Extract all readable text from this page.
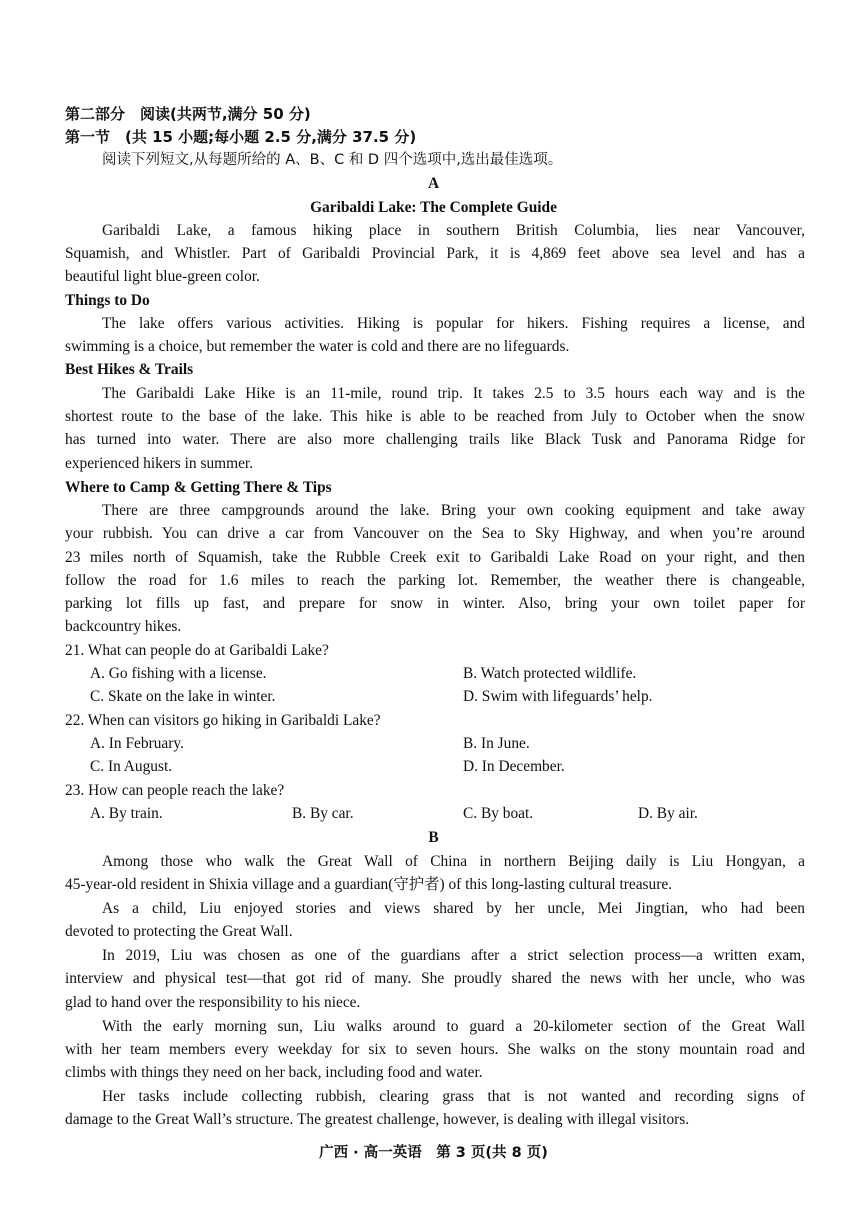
第二部分　阅读(共两节,满分 50 分)
第一节　(共 15 小题;每小题 2.5 分,满分 37.5 分)
阅读下列短文,从每题所给的 A、B、C 和 D 四个选项中,选出最佳选项。
A
Garibaldi Lake: The Complete Guide
Garibaldi Lake, a famous hiking place in southern British Columbia, lies near Vancouver,
Squamish, and Whistler. Part of Garibaldi Provincial Park, it is 4,869 feet above sea level and has a
beautiful light blue-green color.
Things to Do
The lake offers various activities. Hiking is popular for hikers. Fishing requires a license, and
swimming is a choice, but remember the water is cold and there are no lifeguards.
Best Hikes & Trails
The Garibaldi Lake Hike is an 11-mile, round trip. It takes 2.5 to 3.5 hours each way and is the
shortest route to the base of the lake. This hike is able to be reached from July to October when the snow
has turned into water. There are also more challenging trails like Black Tusk and Panorama Ridge for
experienced hikers in summer.
Where to Camp & Getting There & Tips
There are three campgrounds around the lake. Bring your own cooking equipment and take away
your rubbish. You can drive a car from Vancouver on the Sea to Sky Highway, and when you’re around
23 miles north of Squamish, take the Rubble Creek exit to Garibaldi Lake Road on your right, and then
follow the road for 1.6 miles to reach the parking lot. Remember, the weather there is changeable,
parking lot fills up fast, and prepare for snow in winter. Also, bring your own toilet paper for
backcountry hikes.
21. What can people do at Garibaldi Lake?
A. Go fishing with a license.	B. Watch protected wildlife.
C. Skate on the lake in winter.	D. Swim with lifeguards’ help.
22. When can visitors go hiking in Garibaldi Lake?
A. In February.	B. In June.
C. In August.	D. In December.
23. How can people reach the lake?
A. By train.	B. By car.	C. By boat.	D. By air.
B
Among those who walk the Great Wall of China in northern Beijing daily is Liu Hongyan, a
45-year-old resident in Shixia village and a guardian(守护者) of this long-lasting cultural treasure.
As a child, Liu enjoyed stories and views shared by her uncle, Mei Jingtian, who had been
devoted to protecting the Great Wall.
In 2019, Liu was chosen as one of the guardians after a strict selection process—a written exam,
interview and physical test—that got rid of many. She proudly shared the news with her uncle, who was
glad to hand over the responsibility to his niece.
With the early morning sun, Liu walks around to guard a 20-kilometer section of the Great Wall
with her team members every weekday for six to seven hours. She walks on the stony mountain road and
climbs with things they need on her back, including food and water.
Her tasks include collecting rubbish, clearing grass that is not wanted and recording signs of
damage to the Great Wall’s structure. The greatest challenge, however, is dealing with illegal visitors.
广西 · 高一英语　第 3 页(共 8 页)
